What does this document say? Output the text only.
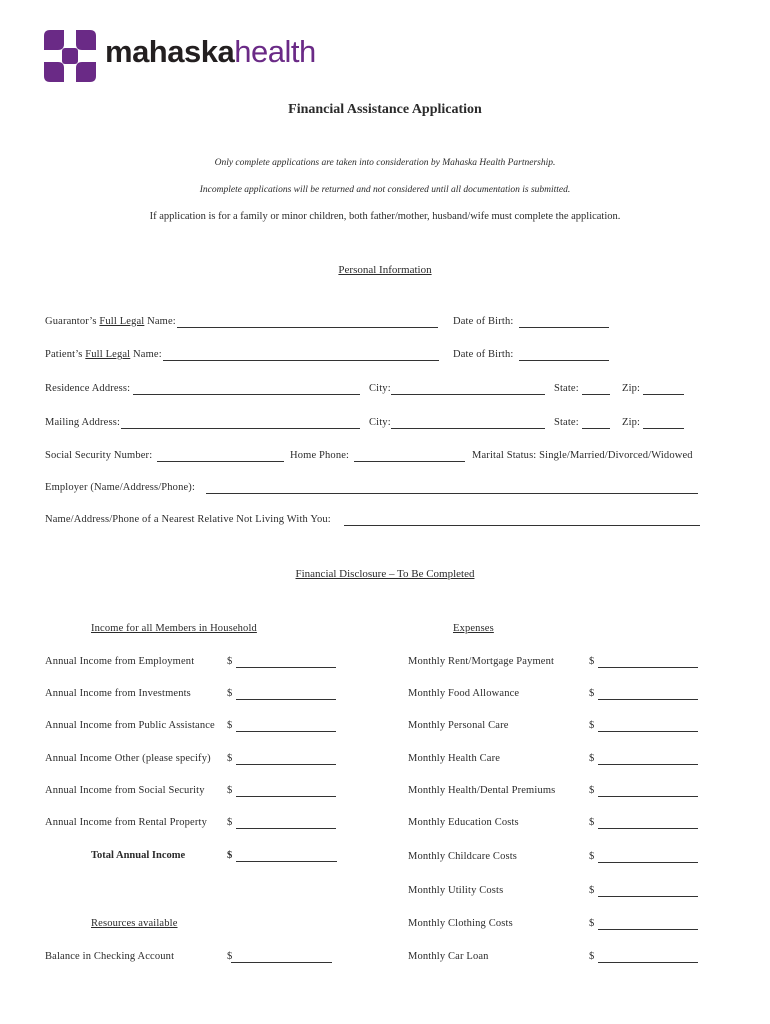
mahaskahealth
Financial Assistance Application
Only complete applications are taken into consideration by Mahaska Health Partnership.
Incomplete applications will be returned and not considered until all documentation is submitted.
If application is for a family or minor children, both father/mother, husband/wife must complete the application.
Personal Information
Guarantor’s Full Legal Name:	Date of Birth:
Patient’s Full Legal Name:	Date of Birth:
Residence Address:	City:	State:	Zip:
Mailing Address:	City:	State:	Zip:
Social Security Number:	Home Phone:	Marital Status: Single/Married/Divorced/Widowed
Employer (Name/Address/Phone):
Name/Address/Phone of a Nearest Relative Not Living With You:
Financial Disclosure – To Be Completed
Income for all Members in Household	Expenses
Annual Income from Employment	$
Annual Income from Investments	$
Annual Income from Public Assistance $
Annual Income Other (please specify) $
Annual Income from Social Security $
Annual Income from Rental Property $
Total Annual Income	$
Resources available
Balance in Checking Account	$
Monthly Rent/Mortgage Payment	$
Monthly Food Allowance	$
Monthly Personal Care	$
Monthly Health Care	$
Monthly Health/Dental Premiums	$
Monthly Education Costs	$
Monthly Childcare Costs	$
Monthly Utility Costs	$
Monthly Clothing Costs	$
Monthly Car Loan	$
